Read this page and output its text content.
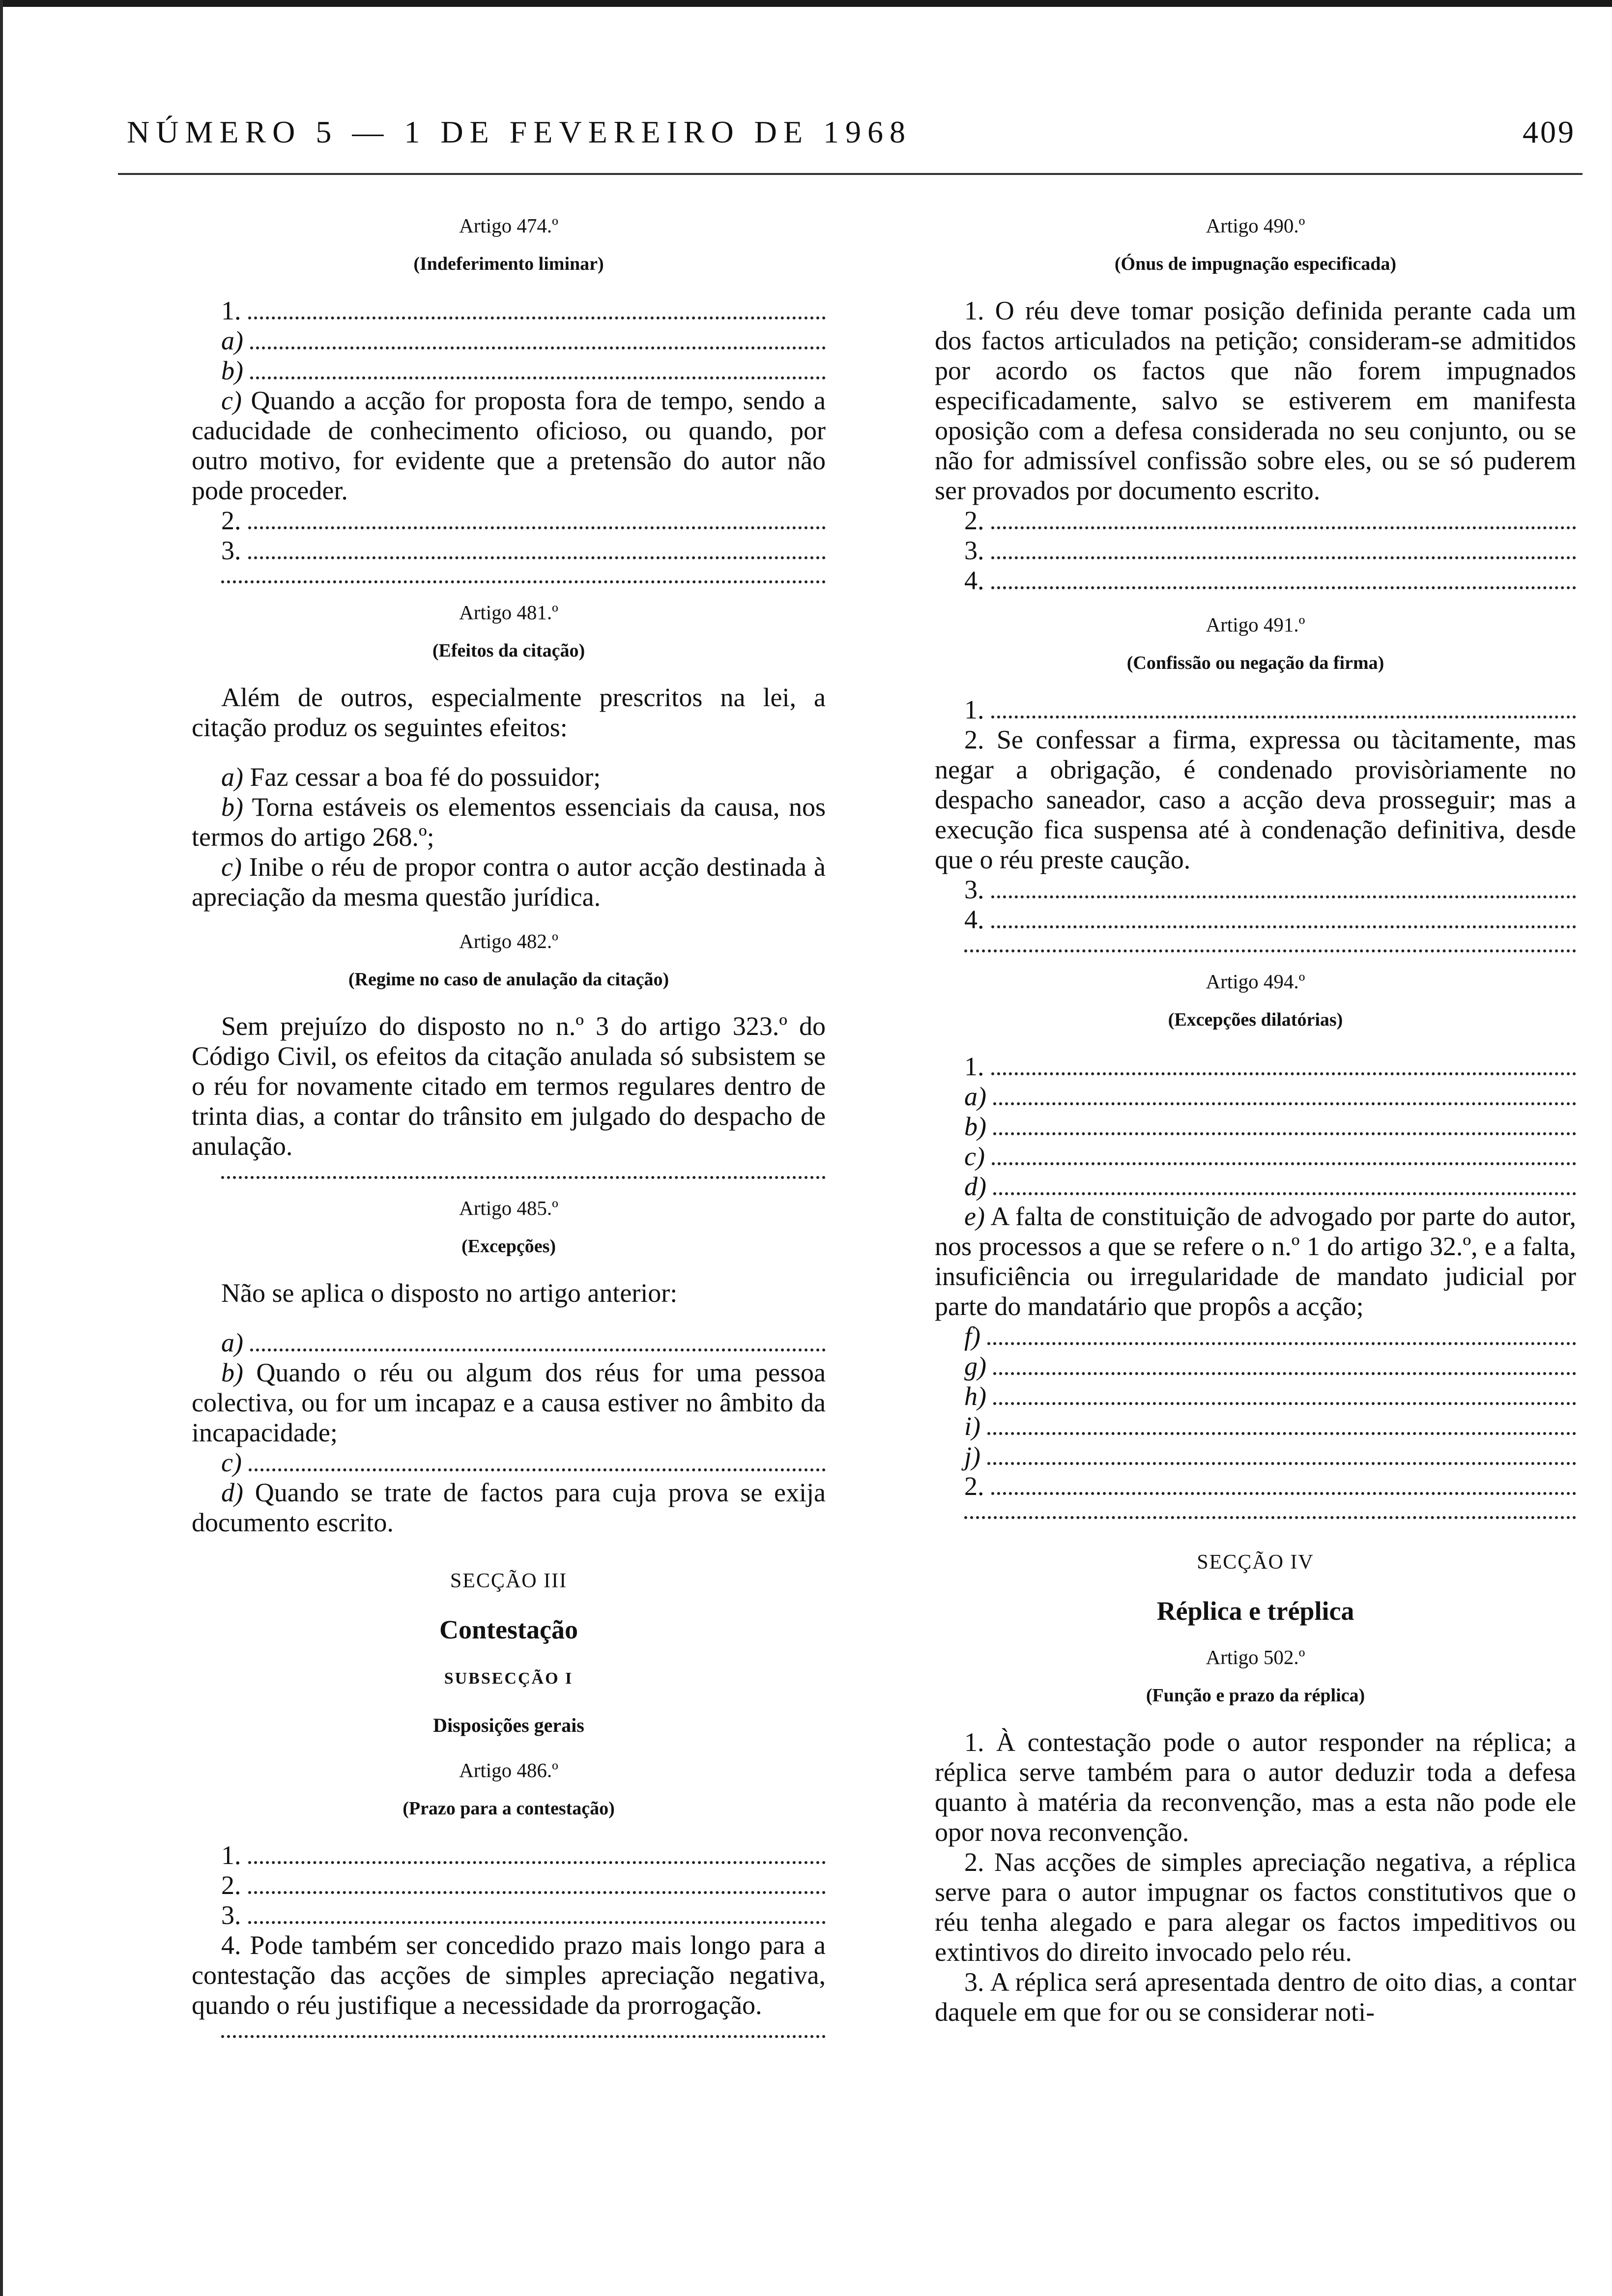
NÚMERO 5 — 1 DE FEVEREIRO DE 1968	409
Artigo 474.º
(Indeferimento liminar)
1.
a)
b)

c) Quando a acção for proposta fora de tempo, sendo a caducidade de conhecimento oficioso, ou quando, por outro motivo, for evidente que a pretensão do autor não pode proceder.

2.
3.
Artigo 481.º
(Efeitos da citação)

Além de outros, especialmente prescritos na lei, a citação produz os seguintes efeitos:

a) Faz cessar a boa fé do possuidor;

b) Torna estáveis os elementos essenciais da causa, nos termos do artigo 268.º;

c) Inibe o réu de propor contra o autor acção destinada à apreciação da mesma questão jurídica.

Artigo 482.º
(Regime no caso de anulação da citação)

Sem prejuízo do disposto no n.º 3 do artigo 323.º do Código Civil, os efeitos da citação anulada só subsistem se o réu for novamente citado em termos regulares dentro de trinta dias, a contar do trânsito em julgado do despacho de anulação.

Artigo 485.º
(Excepções)

Não se aplica o disposto no artigo anterior:

a)

b) Quando o réu ou algum dos réus for uma pessoa colectiva, ou for um incapaz e a causa estiver no âmbito da incapacidade;

c)

d) Quando se trate de factos para cuja prova se exija documento escrito.

SECÇÃO III
Contestação
SUBSECÇÃO I
Disposições gerais
Artigo 486.º
(Prazo para a contestação)
1.
2.
3.

4. Pode também ser concedido prazo mais longo para a contestação das acções de simples apreciação negativa, quando o réu justifique a necessidade da prorrogação.

Artigo 490.º
(Ónus de impugnação especificada)

1. O réu deve tomar posição definida perante cada um dos factos articulados na petição; consideram-se admitidos por acordo os factos que não forem impugnados especificadamente, salvo se estiverem em manifesta oposição com a defesa considerada no seu conjunto, ou se não for admissível confissão sobre eles, ou se só puderem ser provados por documento escrito.

2.
3.
4.
Artigo 491.º
(Confissão ou negação da firma)
1.

2. Se confessar a firma, expressa ou tàcitamente, mas negar a obrigação, é condenado provisòriamente no despacho saneador, caso a acção deva prosseguir; mas a execução fica suspensa até à condenação definitiva, desde que o réu preste caução.

3.
4.
Artigo 494.º
(Excepções dilatórias)
1.
a)
b)
c)
d)

e) A falta de constituição de advogado por parte do autor, nos processos a que se refere o n.º 1 do artigo 32.º, e a falta, insuficiência ou irregularidade de mandato judicial por parte do mandatário que propôs a acção;

f)
g)
h)
i)
j)
2.
SECÇÃO IV
Réplica e tréplica
Artigo 502.º
(Função e prazo da réplica)

1. À contestação pode o autor responder na réplica; a réplica serve também para o autor deduzir toda a defesa quanto à matéria da reconvenção, mas a esta não pode ele opor nova reconvenção.

2. Nas acções de simples apreciação negativa, a réplica serve para o autor impugnar os factos constitutivos que o réu tenha alegado e para alegar os factos impeditivos ou extintivos do direito invocado pelo réu.

3. A réplica será apresentada dentro de oito dias, a contar daquele em que for ou se considerar noti-
